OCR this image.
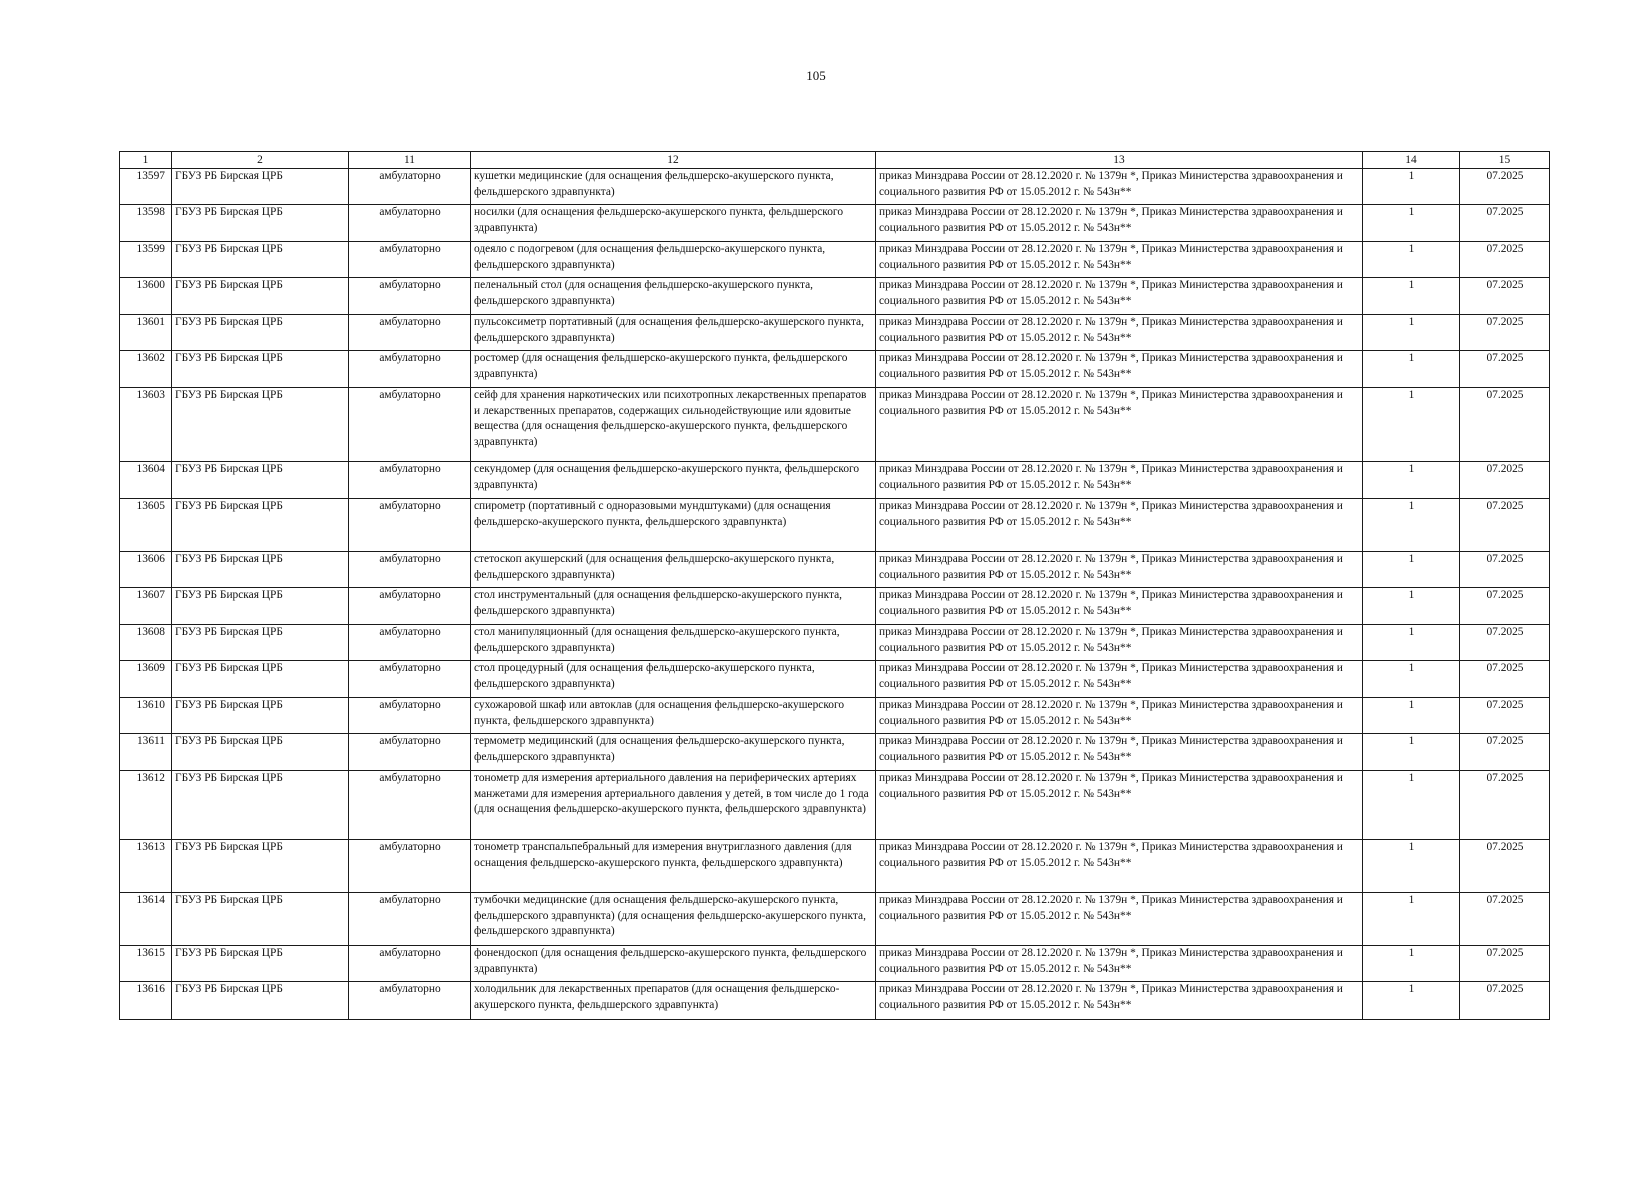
105
1	2	11	12	13	14	15
13597	ГБУЗ РБ Бирская ЦРБ	амбулаторно	кушетки медицинские (для оснащения фельдшерско-акушерского пункта, фельдшерского здравпункта)	приказ Минздрава России от 28.12.2020 г. № 1379н *, Приказ Министерства здравоохранения и социального развития РФ от 15.05.2012 г. № 543н**	1	07.2025
13598	ГБУЗ РБ Бирская ЦРБ	амбулаторно	носилки (для оснащения фельдшерско-акушерского пункта, фельдшерского здравпункта)	приказ Минздрава России от 28.12.2020 г. № 1379н *, Приказ Министерства здравоохранения и социального развития РФ от 15.05.2012 г. № 543н**	1	07.2025
13599	ГБУЗ РБ Бирская ЦРБ	амбулаторно	одеяло с подогревом (для оснащения фельдшерско-акушерского пункта, фельдшерского здравпункта)	приказ Минздрава России от 28.12.2020 г. № 1379н *, Приказ Министерства здравоохранения и социального развития РФ от 15.05.2012 г. № 543н**	1	07.2025
13600	ГБУЗ РБ Бирская ЦРБ	амбулаторно	пеленальный стол (для оснащения фельдшерско-акушерского пункта, фельдшерского здравпункта)	приказ Минздрава России от 28.12.2020 г. № 1379н *, Приказ Министерства здравоохранения и социального развития РФ от 15.05.2012 г. № 543н**	1	07.2025
13601	ГБУЗ РБ Бирская ЦРБ	амбулаторно	пульсоксиметр портативный (для оснащения фельдшерско-акушерского пункта, фельдшерского здравпункта)	приказ Минздрава России от 28.12.2020 г. № 1379н *, Приказ Министерства здравоохранения и социального развития РФ от 15.05.2012 г. № 543н**	1	07.2025
13602	ГБУЗ РБ Бирская ЦРБ	амбулаторно	ростомер (для оснащения фельдшерско-акушерского пункта, фельдшерского здравпункта)	приказ Минздрава России от 28.12.2020 г. № 1379н *, Приказ Министерства здравоохранения и социального развития РФ от 15.05.2012 г. № 543н**	1	07.2025
13603	ГБУЗ РБ Бирская ЦРБ	амбулаторно	сейф для хранения наркотических или психотропных лекарственных препаратов и лекарственных препаратов, содержащих сильнодействующие или ядовитые вещества (для оснащения фельдшерско-акушерского пункта, фельдшерского здравпункта)	приказ Минздрава России от 28.12.2020 г. № 1379н *, Приказ Министерства здравоохранения и социального развития РФ от 15.05.2012 г. № 543н**	1	07.2025
13604	ГБУЗ РБ Бирская ЦРБ	амбулаторно	секундомер (для оснащения фельдшерско-акушерского пункта, фельдшерского здравпункта)	приказ Минздрава России от 28.12.2020 г. № 1379н *, Приказ Министерства здравоохранения и социального развития РФ от 15.05.2012 г. № 543н**	1	07.2025
13605	ГБУЗ РБ Бирская ЦРБ	амбулаторно	спирометр (портативный с одноразовыми мундштуками) (для оснащения фельдшерско-акушерского пункта, фельдшерского здравпункта)	приказ Минздрава России от 28.12.2020 г. № 1379н *, Приказ Министерства здравоохранения и социального развития РФ от 15.05.2012 г. № 543н**	1	07.2025
13606	ГБУЗ РБ Бирская ЦРБ	амбулаторно	стетоскоп акушерский (для оснащения фельдшерско-акушерского пункта, фельдшерского здравпункта)	приказ Минздрава России от 28.12.2020 г. № 1379н *, Приказ Министерства здравоохранения и социального развития РФ от 15.05.2012 г. № 543н**	1	07.2025
13607	ГБУЗ РБ Бирская ЦРБ	амбулаторно	стол инструментальный (для оснащения фельдшерско-акушерского пункта, фельдшерского здравпункта)	приказ Минздрава России от 28.12.2020 г. № 1379н *, Приказ Министерства здравоохранения и социального развития РФ от 15.05.2012 г. № 543н**	1	07.2025
13608	ГБУЗ РБ Бирская ЦРБ	амбулаторно	стол манипуляционный (для оснащения фельдшерско-акушерского пункта, фельдшерского здравпункта)	приказ Минздрава России от 28.12.2020 г. № 1379н *, Приказ Министерства здравоохранения и социального развития РФ от 15.05.2012 г. № 543н**	1	07.2025
13609	ГБУЗ РБ Бирская ЦРБ	амбулаторно	стол процедурный (для оснащения фельдшерско-акушерского пункта, фельдшерского здравпункта)	приказ Минздрава России от 28.12.2020 г. № 1379н *, Приказ Министерства здравоохранения и социального развития РФ от 15.05.2012 г. № 543н**	1	07.2025
13610	ГБУЗ РБ Бирская ЦРБ	амбулаторно	сухожаровой шкаф или автоклав (для оснащения фельдшерско-акушерского пункта, фельдшерского здравпункта)	приказ Минздрава России от 28.12.2020 г. № 1379н *, Приказ Министерства здравоохранения и социального развития РФ от 15.05.2012 г. № 543н**	1	07.2025
13611	ГБУЗ РБ Бирская ЦРБ	амбулаторно	термометр медицинский (для оснащения фельдшерско-акушерского пункта, фельдшерского здравпункта)	приказ Минздрава России от 28.12.2020 г. № 1379н *, Приказ Министерства здравоохранения и социального развития РФ от 15.05.2012 г. № 543н**	1	07.2025
13612	ГБУЗ РБ Бирская ЦРБ	амбулаторно	тонометр для измерения артериального давления на периферических артериях манжетами для измерения артериального давления у детей, в том числе до 1 года (для оснащения фельдшерско-акушерского пункта, фельдшерского здравпункта)	приказ Минздрава России от 28.12.2020 г. № 1379н *, Приказ Министерства здравоохранения и социального развития РФ от 15.05.2012 г. № 543н**	1	07.2025
13613	ГБУЗ РБ Бирская ЦРБ	амбулаторно	тонометр транспальпебральный для измерения внутриглазного давления (для оснащения фельдшерско-акушерского пункта, фельдшерского здравпункта)	приказ Минздрава России от 28.12.2020 г. № 1379н *, Приказ Министерства здравоохранения и социального развития РФ от 15.05.2012 г. № 543н**	1	07.2025
13614	ГБУЗ РБ Бирская ЦРБ	амбулаторно	тумбочки медицинские (для оснащения фельдшерско-акушерского пункта, фельдшерского здравпункта) (для оснащения фельдшерско-акушерского пункта, фельдшерского здравпункта)	приказ Минздрава России от 28.12.2020 г. № 1379н *, Приказ Министерства здравоохранения и социального развития РФ от 15.05.2012 г. № 543н**	1	07.2025
13615	ГБУЗ РБ Бирская ЦРБ	амбулаторно	фонендоскоп (для оснащения фельдшерско-акушерского пункта, фельдшерского здравпункта)	приказ Минздрава России от 28.12.2020 г. № 1379н *, Приказ Министерства здравоохранения и социального развития РФ от 15.05.2012 г. № 543н**	1	07.2025
13616	ГБУЗ РБ Бирская ЦРБ	амбулаторно	холодильник для лекарственных препаратов (для оснащения фельдшерско-акушерского пункта, фельдшерского здравпункта)	приказ Минздрава России от 28.12.2020 г. № 1379н *, Приказ Министерства здравоохранения и социального развития РФ от 15.05.2012 г. № 543н**	1	07.2025
